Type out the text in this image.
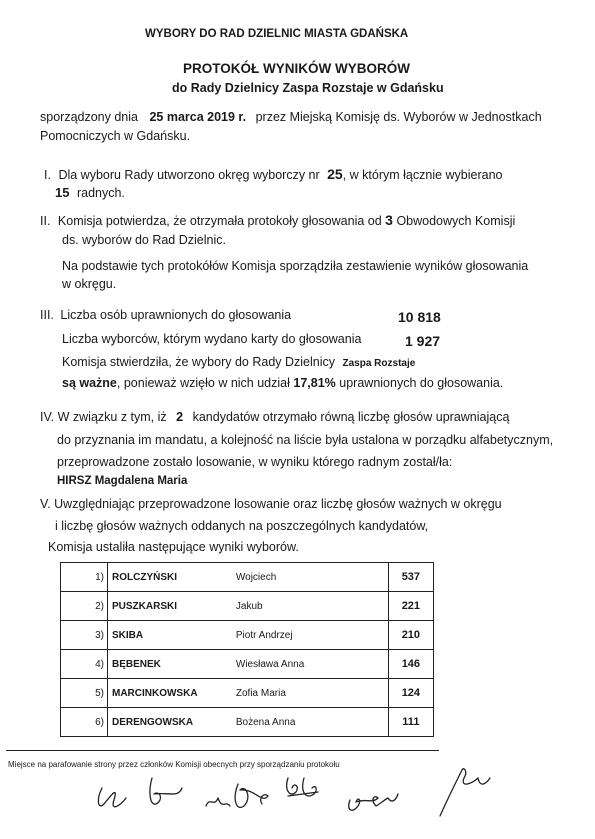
WYBORY DO RAD DZIELNIC MIASTA GDAŃSKA
PROTOKÓŁ WYNIKÓW WYBORÓW
do Rady Dzielnicy Zaspa Rozstaje w Gdańsku
sporządzony dnia 25 marca 2019 r. przez Miejską Komisję ds. Wyborów w Jednostkach
Pomocniczych w Gdańsku.
I. Dla wyboru Rady utworzono okręg wyborczy nr 25, w którym łącznie wybierano
15 radnych.
II. Komisja potwierdza, że otrzymała protokoły głosowania od 3 Obwodowych Komisji
ds. wyborów do Rad Dzielnic.
Na podstawie tych protokółów Komisja sporządziła zestawienie wyników głosowania
w okręgu.
III. Liczba osób uprawnionych do głosowania	10 818
Liczba wyborców, którym wydano karty do głosowania	1 927
Komisja stwierdziła, że wybory do Rady Dzielnicy Zaspa Rozstaje
są ważne, ponieważ wzięło w nich udział 17,81% uprawnionych do głosowania.
IV. W związku z tym, iż 2 kandydatów otrzymało równą liczbę głosów uprawniającą
do przyznania im mandatu, a kolejność na liście była ustalona w porządku alfabetycznym,
przeprowadzone zostało losowanie, w wyniku którego radnym został/ła:
HIRSZ Magdalena Maria
V. Uwzględniając przeprowadzone losowanie oraz liczbę głosów ważnych w okręgu
i liczbę głosów ważnych oddanych na poszczególnych kandydatów,
Komisja ustaliła następujące wyniki wyborów.
1)	ROLCZYŃSKI	Wojciech		537
2)	PUSZKARSKI	Jakub		221
3)	SKIBA	Piotr Andrzej		210
4)	BĘBENEK	Wiesława Anna		146
5)	MARCINKOWSKA	Zofia Maria		124
6)	DERENGOWSKA	Bożena Anna		111
Miejsce na parafowanie strony przez członków Komisji obecnych przy sporządzaniu protokołu
